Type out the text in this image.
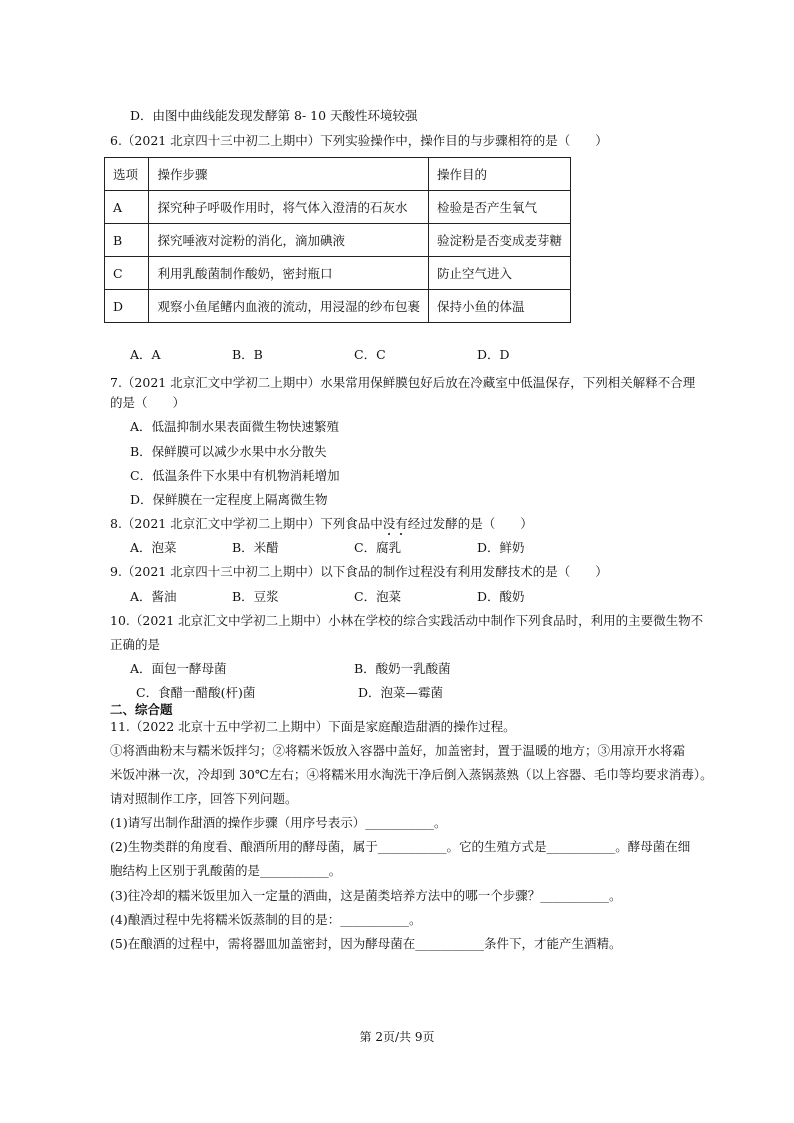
D．由图中曲线能发现发酵第 8- 10 天酸性环境较强
6.（2021 北京四十三中初二上期中）下列实验操作中，操作目的与步骤相符的是（　　）
选项	操作步骤	操作目的
A	探究种子呼吸作用时，将气体入澄清的石灰水	检验是否产生氧气
B	探究唾液对淀粉的消化，滴加碘液	验淀粉是否变成麦芽糖
C	利用乳酸菌制作酸奶，密封瓶口	防止空气进入
D	观察小鱼尾鳍内血液的流动，用浸湿的纱布包裹	保持小鱼的体温
A．A	B．B	C．C	D．D
7.（2021 北京汇文中学初二上期中）水果常用保鲜膜包好后放在冷藏室中低温保存，下列相关解释不合理
的是（　　）
A．低温抑制水果表面微生物快速繁殖
B．保鲜膜可以减少水果中水分散失
C．低温条件下水果中有机物消耗增加
D．保鲜膜在一定程度上隔离微生物
8.（2021 北京汇文中学初二上期中）下列食品中没有经过发酵的是（　　）
A．泡菜	B．米醋	C．腐乳	D．鲜奶
9.（2021 北京四十三中初二上期中）以下食品的制作过程没有利用发酵技术的是（　　）
A．酱油	B．豆浆	C．泡菜	D．酸奶
10.（2021 北京汇文中学初二上期中）小林在学校的综合实践活动中制作下列食品时，利用的主要微生物不
正确的是
A．面包一酵母菌	B．酸奶一乳酸菌
C．食醋一醋酸(杆)菌	D．泡菜—霉菌
二、综合题
11.（2022 北京十五中学初二上期中）下面是家庭酿造甜酒的操作过程。
①将酒曲粉末与糯米饭拌匀；②将糯米饭放入容器中盖好，加盖密封，置于温暖的地方；③用凉开水将霜
米饭冲淋一次，冷却到 30℃左右；④将糯米用水淘洗干净后倒入蒸锅蒸熟（以上容器、毛巾等均要求消毒）。
请对照制作工序，回答下列问题。
(1)请写出制作甜酒的操作步骤（用序号表示）___________。
(2)生物类群的角度看、酿酒所用的酵母菌，属于___________。它的生殖方式是___________。酵母菌在细
胞结构上区别于乳酸菌的是___________。
(3)往冷却的糯米饭里加入一定量的酒曲，这是菌类培养方法中的哪一个步骤？___________。
(4)酿酒过程中先将糯米饭蒸制的目的是：___________。
(5)在酿酒的过程中，需将器皿加盖密封，因为酵母菌在___________条件下，才能产生酒精。
第 2页/共 9页
